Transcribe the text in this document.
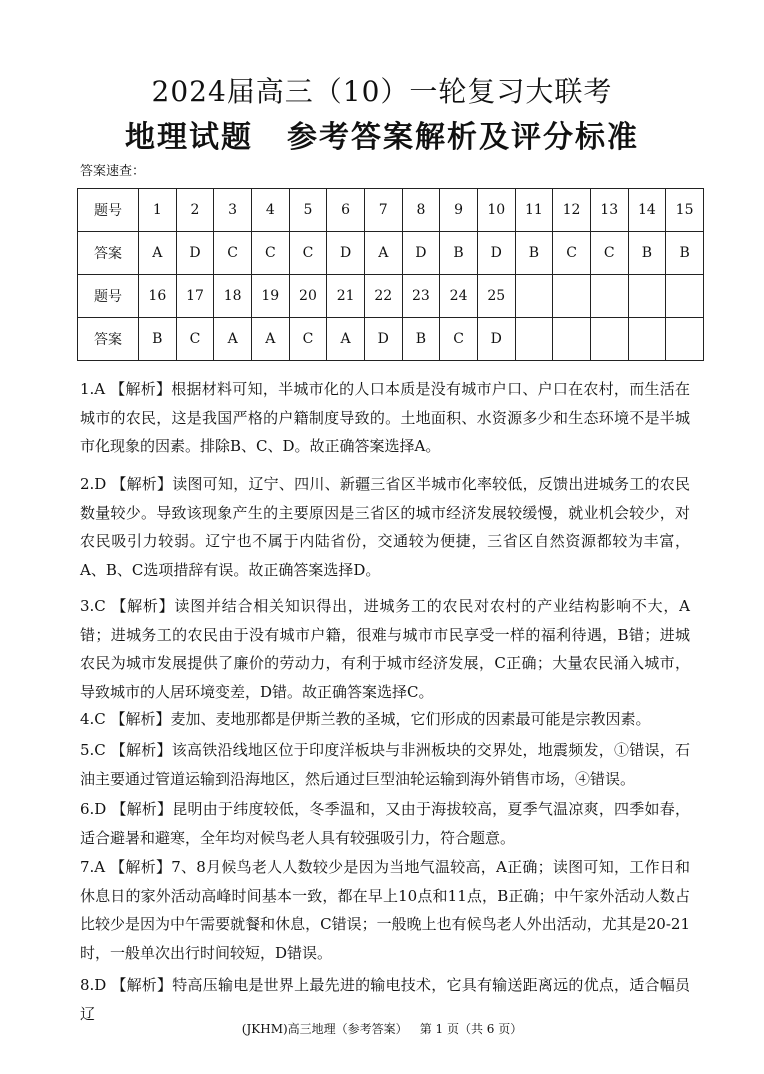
2024届高三（10）一轮复习大联考
地理试题 参考答案解析及评分标准
答案速查：
题号	1	2	3	4	5	6	7	8	9	10	11	12	13	14	15
答案	A	D	C	C	C	D	A	D	B	D	B	C	C	B	B
题号	16	17	18	19	20	21	22	23	24	25					
答案	B	C	A	A	C	A	D	B	C	D					

1.A 【解析】根据材料可知，半城市化的人口本质是没有城市户口、户口在农村，而生活在城市的农民，这是我国严格的户籍制度导致的。土地面积、水资源多少和生态环境不是半城市化现象的因素。排除B、C、D。故正确答案选择A。

2.D 【解析】读图可知，辽宁、四川、新疆三省区半城市化率较低，反馈出进城务工的农民数量较少。导致该现象产生的主要原因是三省区的城市经济发展较缓慢，就业机会较少，对农民吸引力较弱。辽宁也不属于内陆省份，交通较为便捷，三省区自然资源都较为丰富，A、B、C选项措辞有误。故正确答案选择D。

3.C 【解析】读图并结合相关知识得出，进城务工的农民对农村的产业结构影响不大，A错；进城务工的农民由于没有城市户籍，很难与城市市民享受一样的福利待遇，B错；进城农民为城市发展提供了廉价的劳动力，有利于城市经济发展，C正确；大量农民涌入城市，导致城市的人居环境变差，D错。故正确答案选择C。

4.C 【解析】麦加、麦地那都是伊斯兰教的圣城，它们形成的因素最可能是宗教因素。

5.C 【解析】该高铁沿线地区位于印度洋板块与非洲板块的交界处，地震频发，①错误，石油主要通过管道运输到沿海地区，然后通过巨型油轮运输到海外销售市场，④错误。

6.D 【解析】昆明由于纬度较低，冬季温和，又由于海拔较高，夏季气温凉爽，四季如春，适合避暑和避寒，全年均对候鸟老人具有较强吸引力，符合题意。

7.A 【解析】7、8月候鸟老人人数较少是因为当地气温较高，A正确；读图可知，工作日和休息日的家外活动高峰时间基本一致，都在早上10点和11点，B正确；中午家外活动人数占比较少是因为中午需要就餐和休息，C错误；一般晚上也有候鸟老人外出活动，尤其是20-21时，一般单次出行时间较短，D错误。

8.D 【解析】特高压输电是世界上最先进的输电技术，它具有输送距离远的优点，适合幅员辽

(JKHM)高三地理（参考答案） 第 1 页（共 6 页）
